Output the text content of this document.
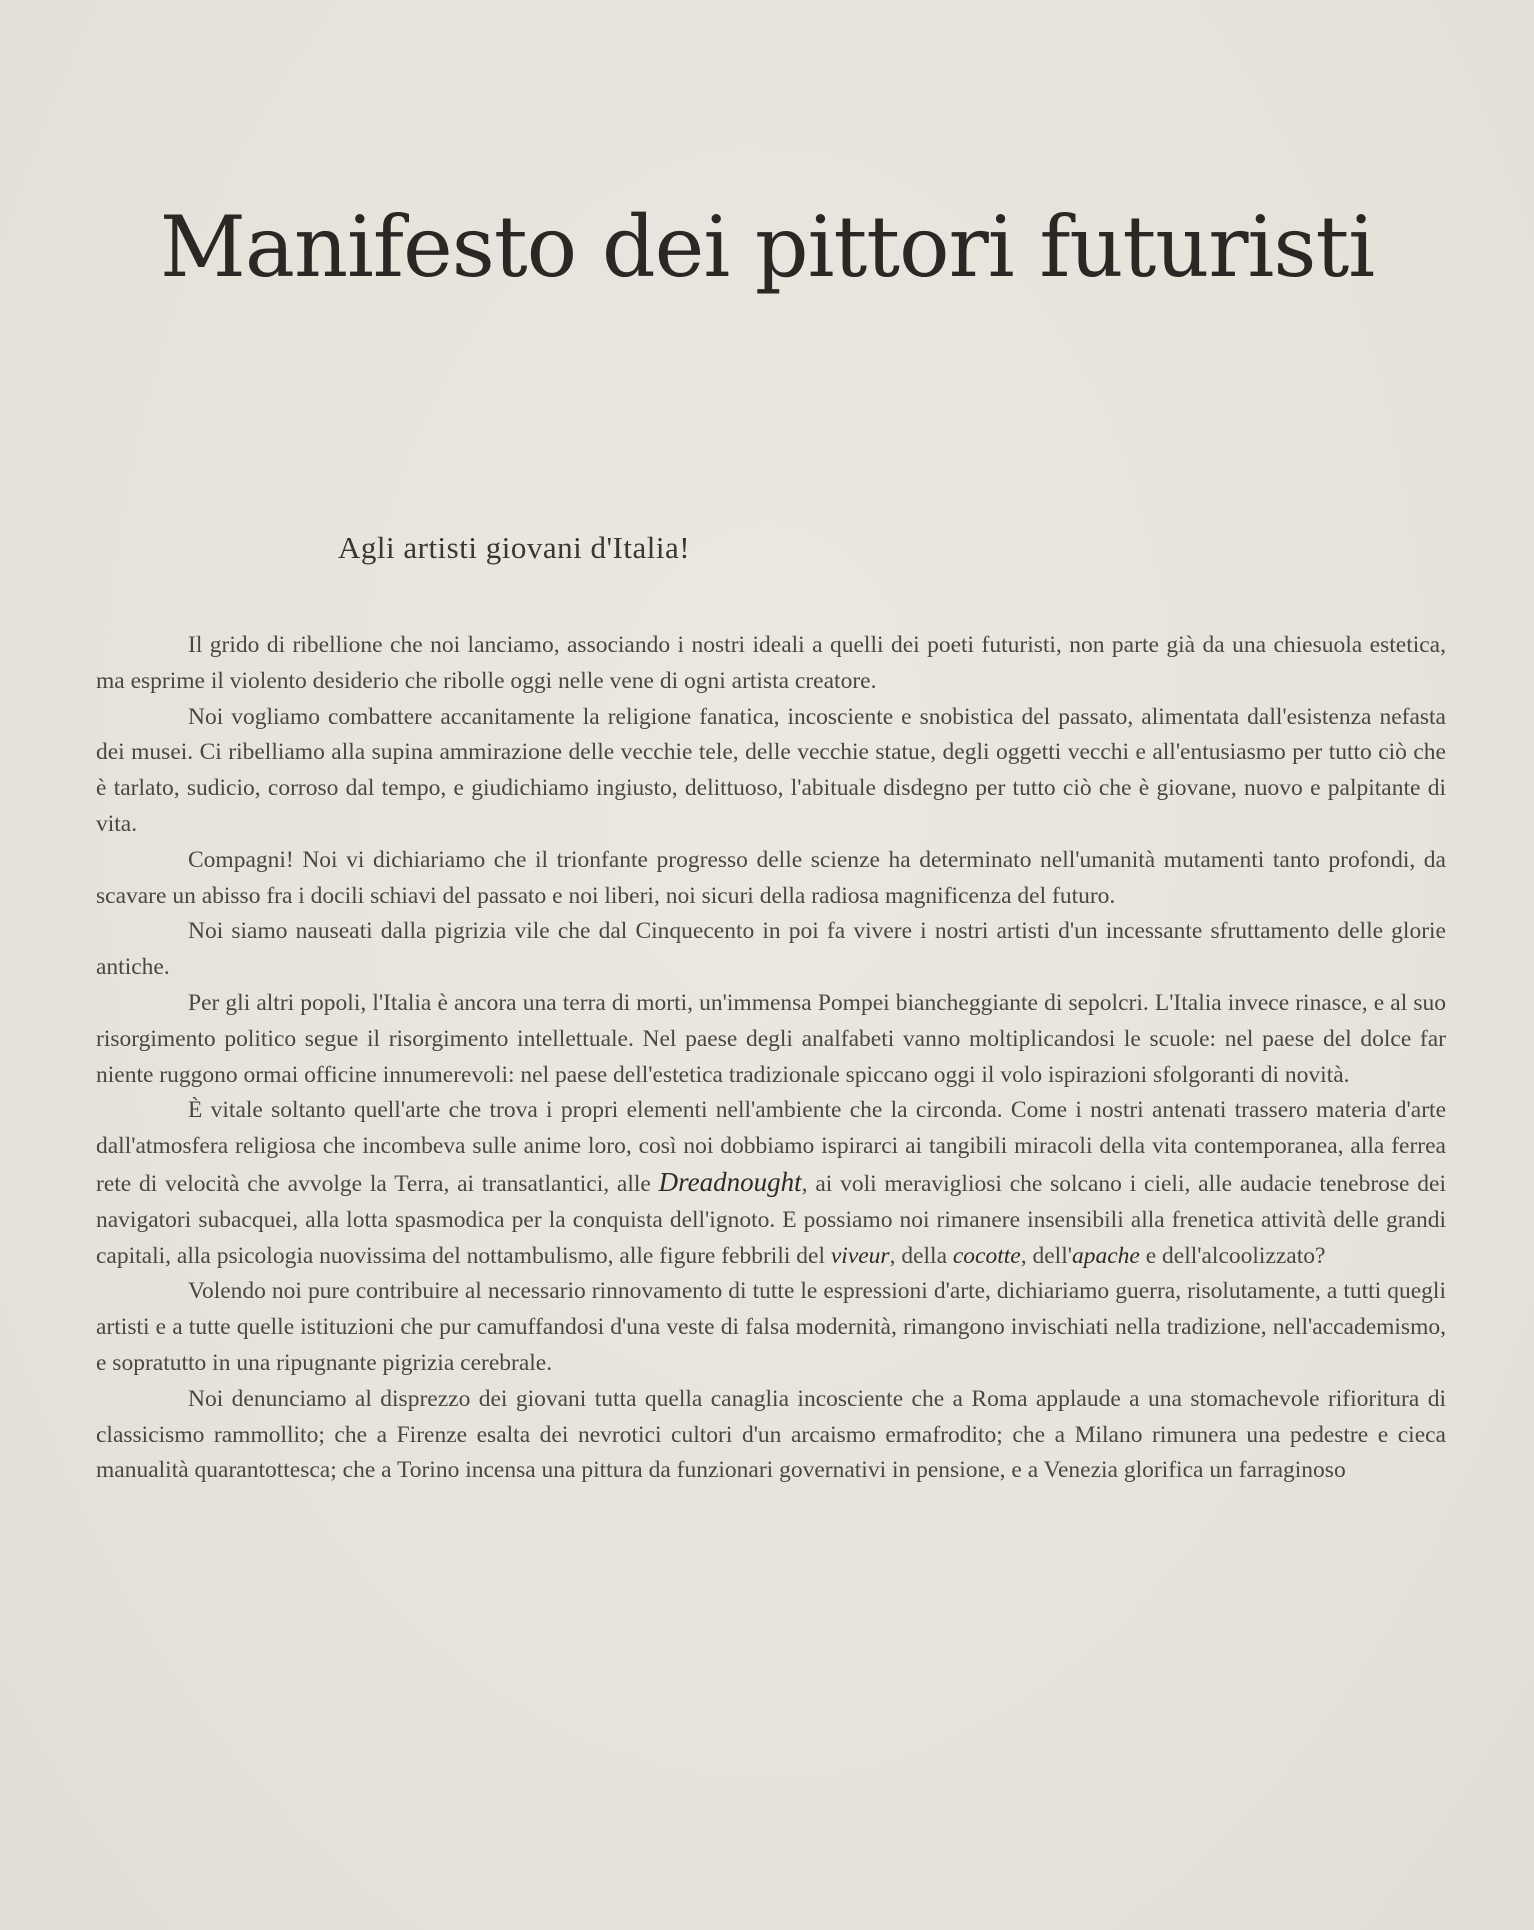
Manifesto dei pittori futuristi
Agli artisti giovani d'Italia!

Il grido di ribellione che noi lanciamo, associando i nostri ideali a quelli dei poeti futuristi, non parte già da una chiesuola estetica, ma esprime il violento desiderio che ribolle oggi nelle vene di ogni artista creatore.

Noi vogliamo combattere accanitamente la religione fanatica, incosciente e snobistica del passato, alimentata dall'esistenza nefasta dei musei. Ci ribelliamo alla supina ammirazione delle vecchie tele, delle vecchie statue, degli oggetti vecchi e all'entusiasmo per tutto ciò che è tarlato, sudicio, corroso dal tempo, e giudichiamo ingiusto, delittuoso, l'abituale disdegno per tutto ciò che è giovane, nuovo e palpitante di vita.

Compagni! Noi vi dichiariamo che il trionfante progresso delle scienze ha determinato nell'umanità mutamenti tanto profondi, da scavare un abisso fra i docili schiavi del passato e noi liberi, noi sicuri della radiosa magnificenza del futuro.

Noi siamo nauseati dalla pigrizia vile che dal Cinquecento in poi fa vivere i nostri artisti d'un incessante sfruttamento delle glorie antiche.

Per gli altri popoli, l'Italia è ancora una terra di morti, un'immensa Pompei biancheggiante di sepolcri. L'Italia invece rinasce, e al suo risorgimento politico segue il risorgimento intellettuale. Nel paese degli analfabeti vanno moltiplicandosi le scuole: nel paese del dolce far niente ruggono ormai officine innumerevoli: nel paese dell'estetica tradizionale spiccano oggi il volo ispirazioni sfolgoranti di novità.

È vitale soltanto quell'arte che trova i propri elementi nell'ambiente che la circonda. Come i nostri antenati trassero materia d'arte dall'atmosfera religiosa che incombeva sulle anime loro, così noi dobbiamo ispirarci ai tangibili miracoli della vita contemporanea, alla ferrea rete di velocità che avvolge la Terra, ai transatlantici, alle Dreadnought, ai voli meravigliosi che solcano i cieli, alle audacie tenebrose dei navigatori subacquei, alla lotta spasmodica per la conquista dell'ignoto. E possiamo noi rimanere insensibili alla frenetica attività delle grandi capitali, alla psicologia nuovissima del nottambulismo, alle figure febbrili del viveur, della cocotte, dell'apache e dell'alcoolizzato?

Volendo noi pure contribuire al necessario rinnovamento di tutte le espressioni d'arte, dichiariamo guerra, risolutamente, a tutti quegli artisti e a tutte quelle istituzioni che pur camuffandosi d'una veste di falsa modernità, rimangono invischiati nella tradizione, nell'accademismo, e sopratutto in una ripugnante pigrizia cerebrale.

Noi denunciamo al disprezzo dei giovani tutta quella canaglia incosciente che a Roma applaude a una stomachevole rifioritura di classicismo rammollito; che a Firenze esalta dei nevrotici cultori d'un arcaismo ermafrodito; che a Milano rimunera una pedestre e cieca manualità quarantottesca; che a Torino incensa una pittura da funzionari governativi in pensione, e a Venezia glorifica un farraginoso
